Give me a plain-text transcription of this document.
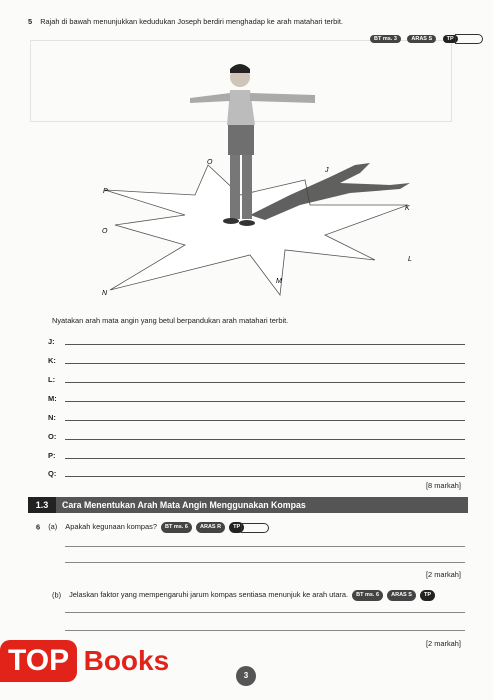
5 Rajah di bawah menunjukkan kedudukan Joseph berdiri menghadap ke arah matahari terbit.
BT ms. 3	ARAS S	TP
O
J
P
K
O
L
M
N
Nyatakan arah mata angin yang betul berpandukan arah matahari terbit.
J:
K:
L:
M:
N:
O:
P:
Q:
[8 markah]
1.3	Cara Menentukan Arah Mata Angin Menggunakan Kompas
6 (a) Apakah kegunaan kompas? BT ms. 6 ARAS R TP
[2 markah]
(b) Jelaskan faktor yang mempengaruhi jarum kompas sentiasa menunjuk ke arah utara. BT ms. 6 ARAS S TP
[2 markah]
TOP Books	3
